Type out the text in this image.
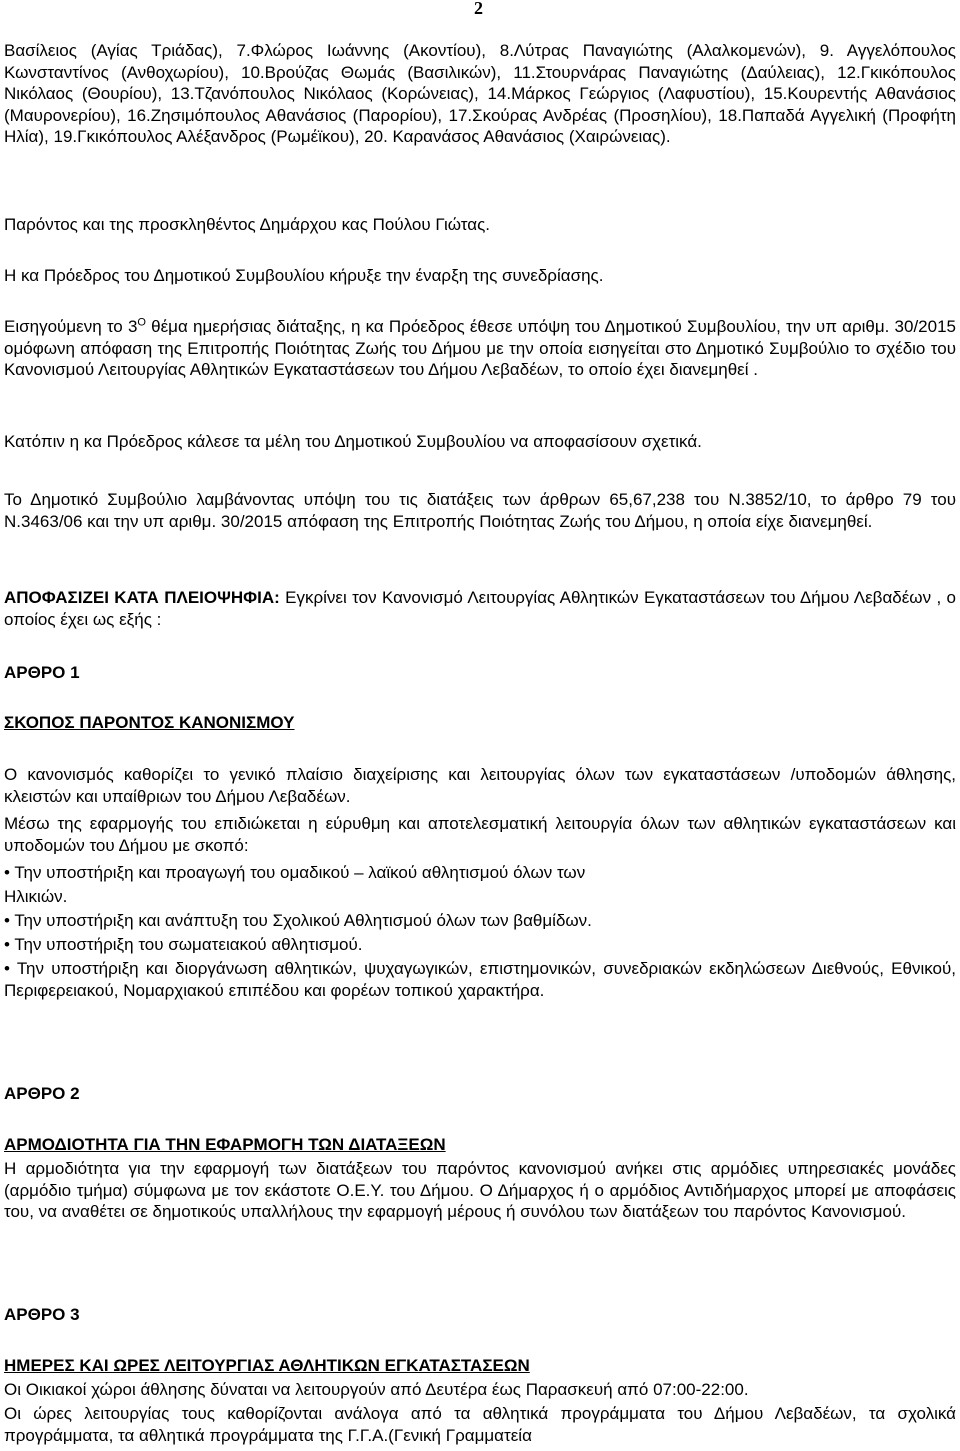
2

Βασίλειος (Αγίας Τριάδας), 7.Φλώρος Ιωάννης (Ακοντίου), 8.Λύτρας Παναγιώτης (Αλαλκομενών), 9. Αγγελόπουλος Κωνσταντίνος (Ανθοχωρίου), 10.Βρούζας Θωμάς (Βασιλικών), 11.Στουρνάρας Παναγιώτης (Δαύλειας), 12.Γκικόπουλος Νικόλαος (Θουρίου), 13.Τζανόπουλος Νικόλαος (Κορώνειας), 14.Μάρκος Γεώργιος (Λαφυστίου), 15.Κουρεντής Αθανάσιος (Μαυρονερίου), 16.Ζησιμόπουλος Αθανάσιος (Παρορίου), 17.Σκούρας Ανδρέας (Προσηλίου), 18.Παπαδά Αγγελική (Προφήτη Ηλία), 19.Γκικόπουλος Αλέξανδρος (Ρωμέϊκου), 20. Καρανάσος Αθανάσιος (Χαιρώνειας).

Παρόντος και της προσκληθέντος Δημάρχου κας Πούλου Γιώτας.

Η κα Πρόεδρος του Δημοτικού Συμβουλίου κήρυξε την έναρξη της συνεδρίασης.

Εισηγούμενη το $3^O$ θέμα ημερήσιας διάταξης, η κα Πρόεδρος έθεσε υπόψη του Δημοτικού Συμβουλίου, την υπ αριθμ. 30/2015 ομόφωνη απόφαση της Επιτροπής Ποιότητας Ζωής του Δήμου με την οποία εισηγείται στο Δημοτικό Συμβούλιο το σχέδιο του Κανονισμού Λειτουργίας Αθλητικών Εγκαταστάσεων του Δήμου Λεβαδέων, το οποίο έχει διανεμηθεί .

Κατόπιν η κα Πρόεδρος κάλεσε τα μέλη του Δημοτικού Συμβουλίου να αποφασίσουν σχετικά.

Το Δημοτικό Συμβούλιο λαμβάνοντας υπόψη του τις διατάξεις των άρθρων 65,67,238 του Ν.3852/10, το άρθρο 79 του Ν.3463/06 και την υπ αριθμ. 30/2015 απόφαση της Επιτροπής Ποιότητας Ζωής του Δήμου, η οποία είχε διανεμηθεί.

ΑΠΟΦΑΣΙΖΕΙ ΚΑΤΑ ΠΛΕΙΟΨΗΦΙΑ: Εγκρίνει τον Κανονισμό Λειτουργίας Αθλητικών Εγκαταστάσεων του Δήμου Λεβαδέων , ο οποίος έχει ως εξής :

ΑΡΘΡΟ 1

ΣΚΟΠΟΣ ΠΑΡΟΝΤΟΣ ΚΑΝΟΝΙΣΜΟΥ

Ο κανονισμός καθορίζει το γενικό πλαίσιο διαχείρισης και λειτουργίας όλων των εγκαταστάσεων /υποδομών άθλησης, κλειστών και υπαίθριων του Δήμου Λεβαδέων.

Μέσω της εφαρμογής του επιδιώκεται η εύρυθμη και αποτελεσματική λειτουργία όλων των αθλητικών εγκαταστάσεων και υποδομών του Δήμου με σκοπό:

• Την υποστήριξη και προαγωγή του ομαδικού – λαϊκού αθλητισμού όλων των

Ηλικιών.

• Την υποστήριξη και ανάπτυξη του Σχολικού Αθλητισμού όλων των βαθμίδων.

• Την υποστήριξη του σωματειακού αθλητισμού.

• Την υποστήριξη και διοργάνωση αθλητικών, ψυχαγωγικών, επιστημονικών, συνεδριακών εκδηλώσεων Διεθνούς, Εθνικού, Περιφερειακού, Νομαρχιακού επιπέδου και φορέων τοπικού χαρακτήρα.

ΑΡΘΡΟ 2

ΑΡΜΟΔΙΟΤΗΤΑ ΓΙΑ ΤΗΝ ΕΦΑΡΜΟΓΗ ΤΩΝ ΔΙΑΤΑΞΕΩΝ

Η αρμοδιότητα για την εφαρμογή των διατάξεων του παρόντος κανονισμού ανήκει στις αρμόδιες υπηρεσιακές μονάδες (αρμόδιο τμήμα) σύμφωνα με τον εκάστοτε Ο.Ε.Υ. του Δήμου. Ο Δήμαρχος ή ο αρμόδιος Αντιδήμαρχος μπορεί με αποφάσεις του, να αναθέτει σε δημοτικούς υπαλλήλους την εφαρμογή μέρους ή συνόλου των διατάξεων του παρόντος Κανονισμού.

ΑΡΘΡΟ 3

ΗΜΕΡΕΣ ΚΑΙ ΩΡΕΣ ΛΕΙΤΟΥΡΓΙΑΣ ΑΘΛΗΤΙΚΩΝ ΕΓΚΑΤΑΣΤΑΣΕΩΝ

Οι Οικιακοί χώροι άθλησης δύναται να λειτουργούν από Δευτέρα έως Παρασκευή από 07:00-22:00.

Οι ώρες λειτουργίας τους καθορίζονται ανάλογα από τα αθλητικά προγράμματα του Δήμου Λεβαδέων, τα σχολικά προγράμματα, τα αθλητικά προγράμματα της Γ.Γ.Α.(Γενική Γραμματεία
